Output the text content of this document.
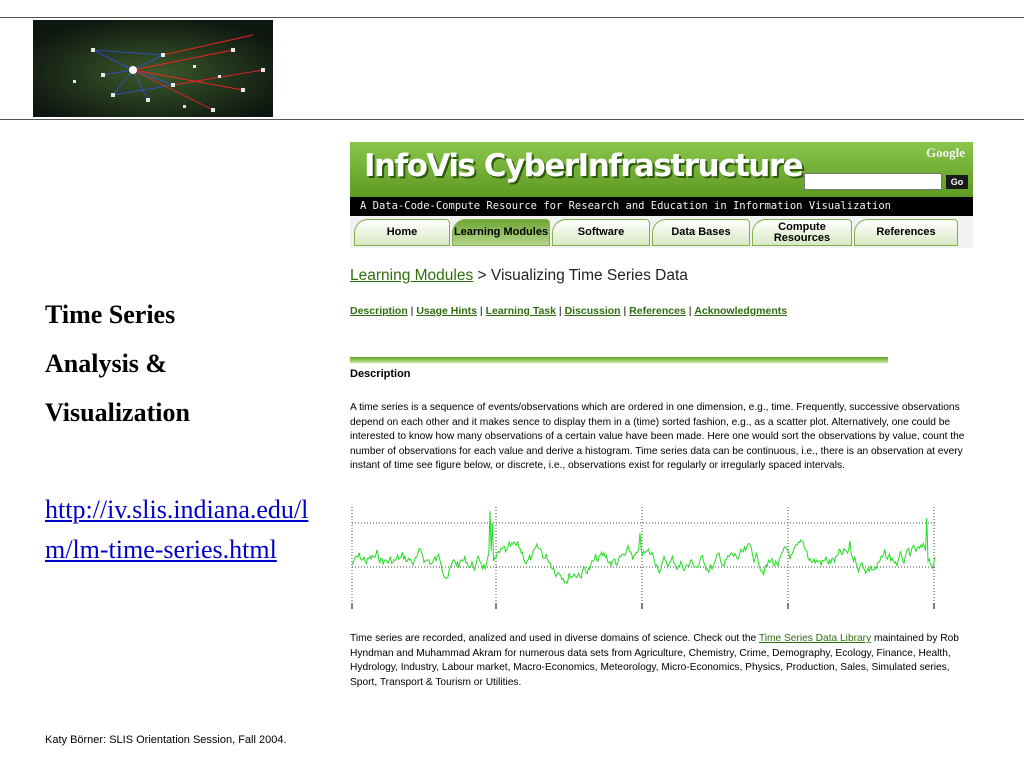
Time Series
Analysis &
Visualization
http://iv.slis.indiana.edu/lm/lm-time-series.html
Katy Börner: SLIS Orientation Session, Fall 2004.
InfoVis CyberInfrastructure	Google
Go
A Data-Code-Compute Resource for Research and Education in Information Visualization
Home	Learning Modules	Software	Data Bases	Compute Resources	References
Learning Modules > Visualizing Time Series Data
Description | Usage Hints | Learning Task | Discussion | References | Acknowledgments
Description
A time series is a sequence of events/observations which are ordered in one dimension, e.g., time. Frequently, successive observations depend on each other and it makes sence to display them in a (time) sorted fashion, e.g., as a scatter plot. Alternatively, one could be interested to know how many observations of a certain value have been made. Here one would sort the observations by value, count the number of observations for each value and derive a histogram. Time series data can be continuous, i.e., there is an observation at every instant of time see figure below, or discrete, i.e., observations exist for regularly or irregularly spaced intervals.
Time series are recorded, analized and used in diverse domains of science. Check out the Time Series Data Library maintained by Rob Hyndman and Muhammad Akram for numerous data sets from Agriculture, Chemistry, Crime, Demography, Ecology, Finance, Health, Hydrology, Industry, Labour market, Macro-Economics, Meteorology, Micro-Economics, Physics, Production, Sales, Simulated series, Sport, Transport & Tourism or Utilities.
